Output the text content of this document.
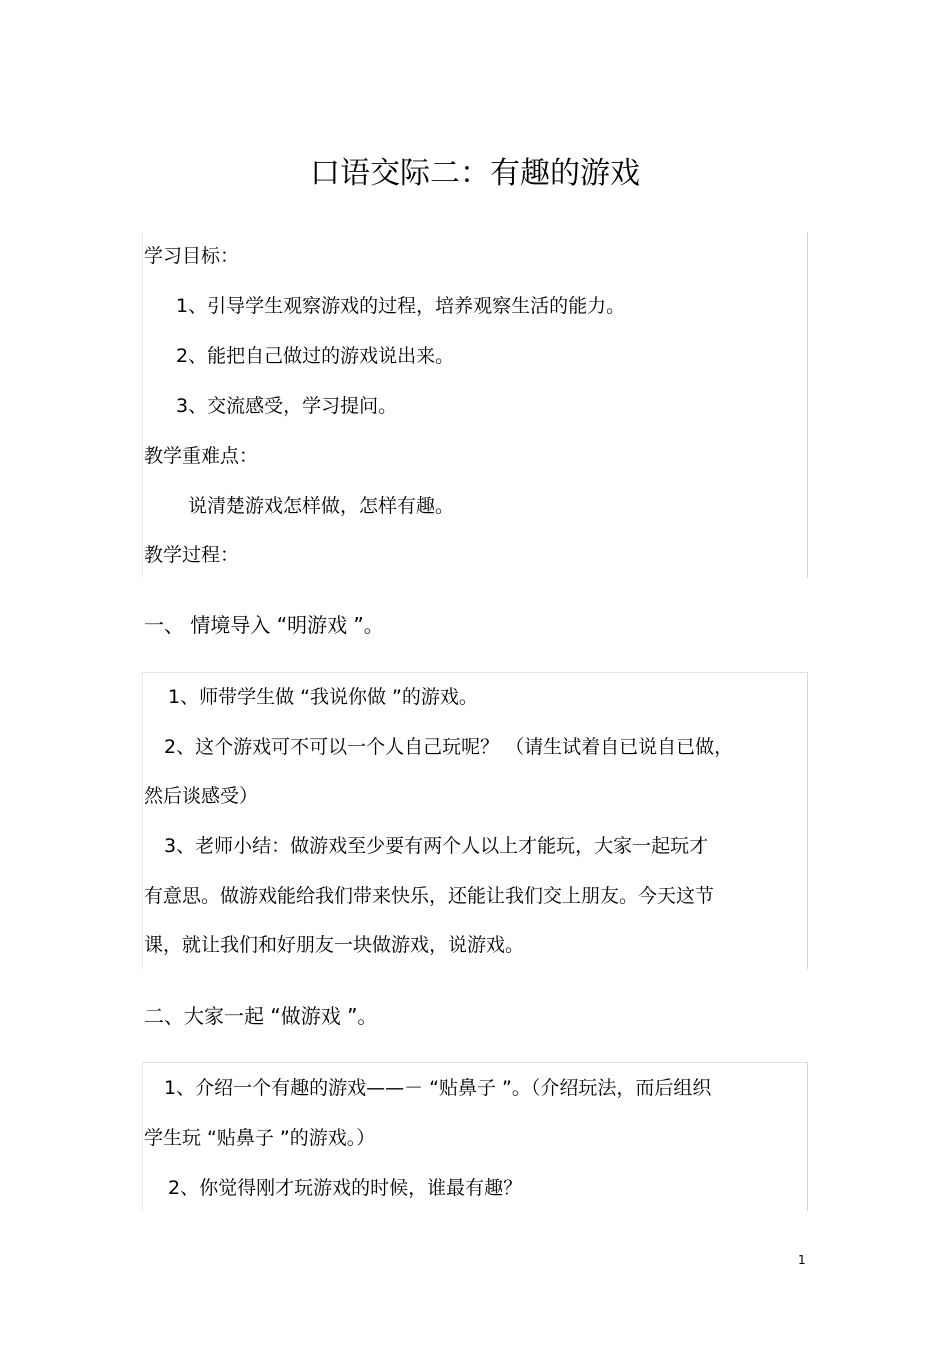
口语交际二：有趣的游戏
学习目标：
1、引导学生观察游戏的过程，培养观察生活的能力。
2、能把自己做过的游戏说出来。
3、交流感受，学习提问。
教学重难点：
说清楚游戏怎样做，怎样有趣。
教学过程：
一、 情境导入 “明游戏 ”。
1、师带学生做 “我说你做 ”的游戏。
2、这个游戏可不可以一个人自己玩呢？ （请生试着自已说自已做，
然后谈感受）
3、老师小结：做游戏至少要有两个人以上才能玩，大家一起玩才
有意思。做游戏能给我们带来快乐，还能让我们交上朋友。今天这节
课，就让我们和好朋友一块做游戏，说游戏。
二、大家一起 “做游戏 ”。
1、介绍一个有趣的游戏——－ “贴鼻子 ”。（介绍玩法，而后组织
学生玩 “贴鼻子 ”的游戏。）
2、你觉得刚才玩游戏的时候，谁最有趣？
1
